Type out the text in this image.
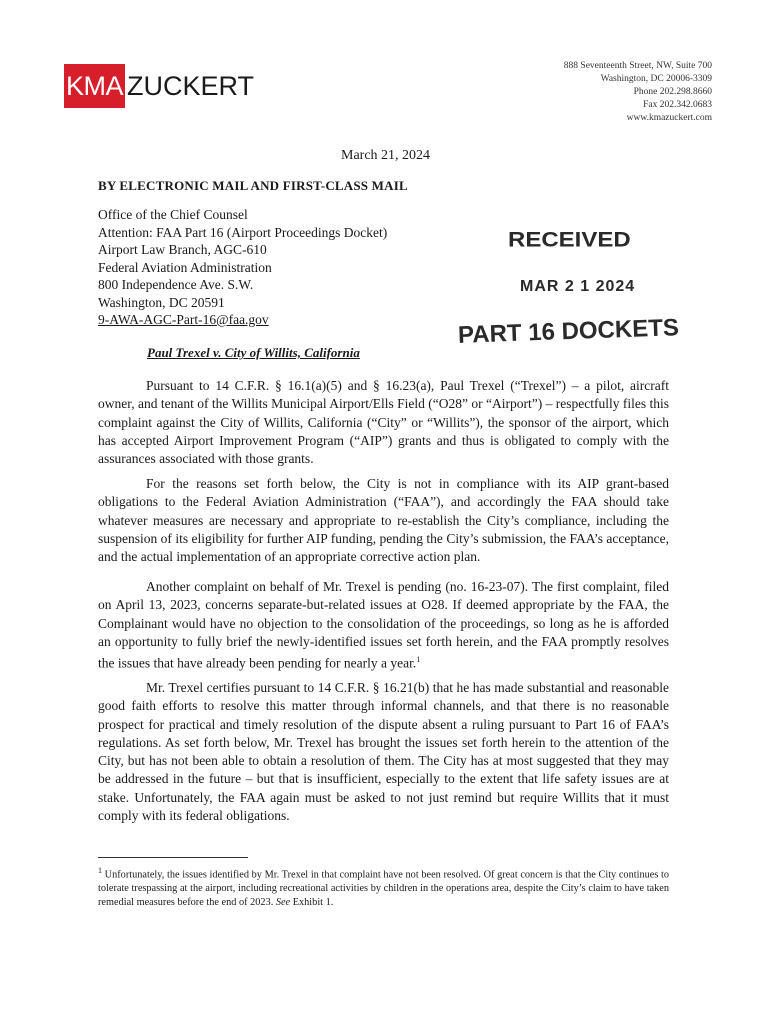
KMA ZUCKERT
888 Seventeenth Street, NW, Suite 700
Washington, DC 20006-3309
Phone 202.298.8660
Fax 202.342.0683
www.kmazuckert.com
March 21, 2024
BY ELECTRONIC MAIL AND FIRST-CLASS MAIL
Office of the Chief Counsel
Attention: FAA Part 16 (Airport Proceedings Docket)
Airport Law Branch, AGC-610
Federal Aviation Administration
800 Independence Ave. S.W.
Washington, DC 20591
9-AWA-AGC-Part-16@faa.gov
RECEIVED
MAR 2 1 2024
PART 16 DOCKETS
Paul Trexel v. City of Willits, California

Pursuant to 14 C.F.R. § 16.1(a)(5) and § 16.23(a), Paul Trexel (“Trexel”) – a pilot, aircraft owner, and tenant of the Willits Municipal Airport/Ells Field (“O28” or “Airport”) – respectfully files this complaint against the City of Willits, California (“City” or “Willits”), the sponsor of the airport, which has accepted Airport Improvement Program (“AIP”) grants and thus is obligated to comply with the assurances associated with those grants.

For the reasons set forth below, the City is not in compliance with its AIP grant-based obligations to the Federal Aviation Administration (“FAA”), and accordingly the FAA should take whatever measures are necessary and appropriate to re-establish the City’s compliance, including the suspension of its eligibility for further AIP funding, pending the City’s submission, the FAA’s acceptance, and the actual implementation of an appropriate corrective action plan.

Another complaint on behalf of Mr. Trexel is pending (no. 16-23-07). The first complaint, filed on April 13, 2023, concerns separate-but-related issues at O28. If deemed appropriate by the FAA, the Complainant would have no objection to the consolidation of the proceedings, so long as he is afforded an opportunity to fully brief the newly-identified issues set forth herein, and the FAA promptly resolves the issues that have already been pending for nearly a year.$^1$

Mr. Trexel certifies pursuant to 14 C.F.R. § 16.21(b) that he has made substantial and reasonable good faith efforts to resolve this matter through informal channels, and that there is no reasonable prospect for practical and timely resolution of the dispute absent a ruling pursuant to Part 16 of FAA’s regulations. As set forth below, Mr. Trexel has brought the issues set forth herein to the attention of the City, but has not been able to obtain a resolution of them. The City has at most suggested that they may be addressed in the future – but that is insufficient, especially to the extent that life safety issues are at stake. Unfortunately, the FAA again must be asked to not just remind but require Willits that it must comply with its federal obligations.

$^1$ Unfortunately, the issues identified by Mr. Trexel in that complaint have not been resolved. Of great concern is that the City continues to tolerate trespassing at the airport, including recreational activities by children in the operations area, despite the City’s claim to have taken remedial measures before the end of 2023. See Exhibit 1.
